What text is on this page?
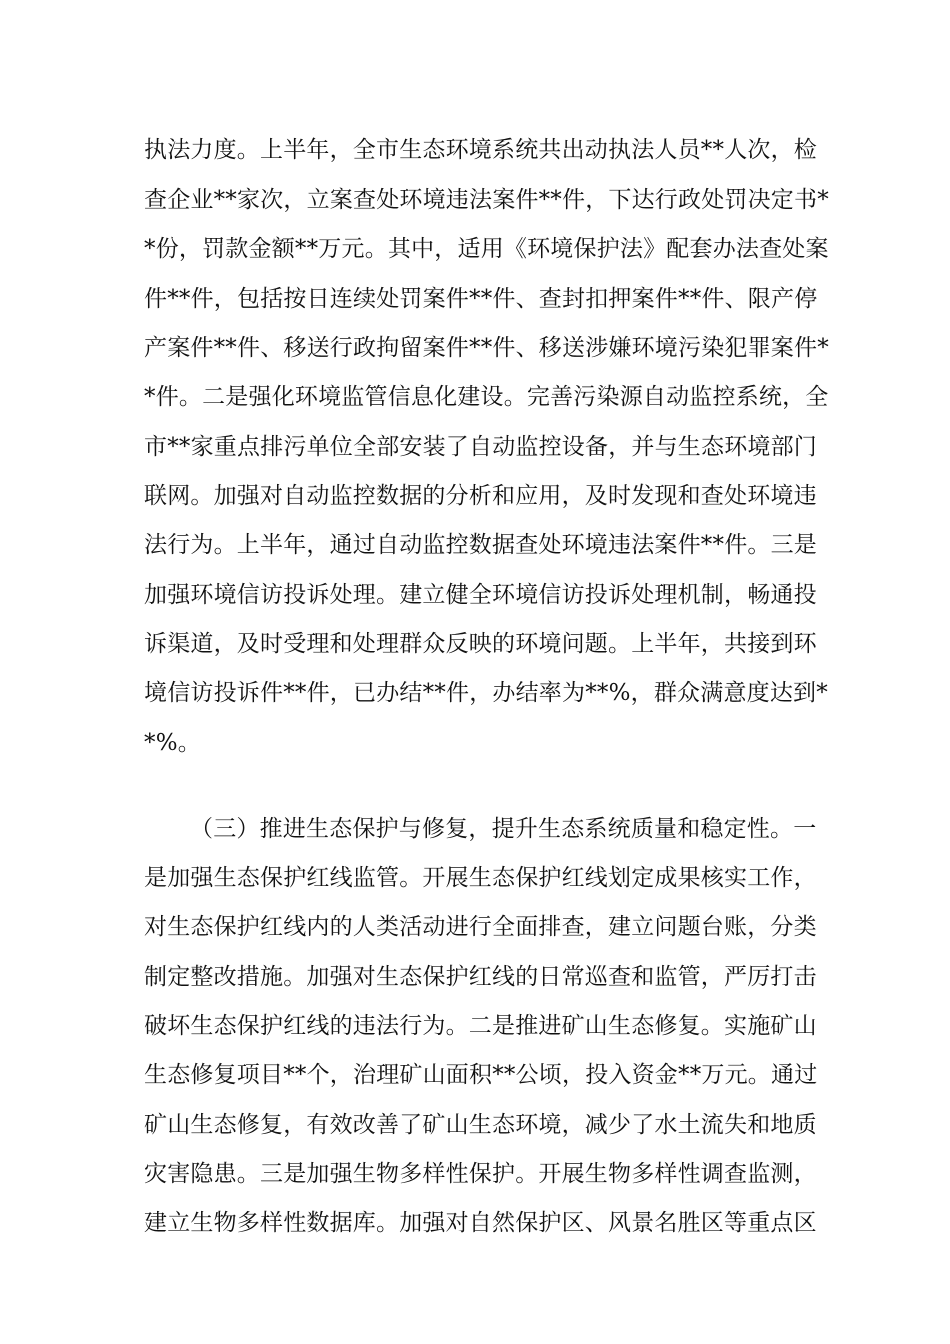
执法力度。上半年，全市生态环境系统共出动执法人员**人次，检
查企业**家次，立案查处环境违法案件**件，下达行政处罚决定书*
*份，罚款金额**万元。其中，适用《环境保护法》配套办法查处案
件**件，包括按日连续处罚案件**件、查封扣押案件**件、限产停
产案件**件、移送行政拘留案件**件、移送涉嫌环境污染犯罪案件*
*件。二是强化环境监管信息化建设。完善污染源自动监控系统，全
市**家重点排污单位全部安装了自动监控设备，并与生态环境部门
联网。加强对自动监控数据的分析和应用，及时发现和查处环境违
法行为。上半年，通过自动监控数据查处环境违法案件**件。三是
加强环境信访投诉处理。建立健全环境信访投诉处理机制，畅通投
诉渠道，及时受理和处理群众反映的环境问题。上半年，共接到环
境信访投诉件**件，已办结**件，办结率为**%，群众满意度达到*
*%。
（三）推进生态保护与修复，提升生态系统质量和稳定性。一
是加强生态保护红线监管。开展生态保护红线划定成果核实工作，
对生态保护红线内的人类活动进行全面排查，建立问题台账，分类
制定整改措施。加强对生态保护红线的日常巡查和监管，严厉打击
破坏生态保护红线的违法行为。二是推进矿山生态修复。实施矿山
生态修复项目**个，治理矿山面积**公顷，投入资金**万元。通过
矿山生态修复，有效改善了矿山生态环境，减少了水土流失和地质
灾害隐患。三是加强生物多样性保护。开展生物多样性调查监测，
建立生物多样性数据库。加强对自然保护区、风景名胜区等重点区
